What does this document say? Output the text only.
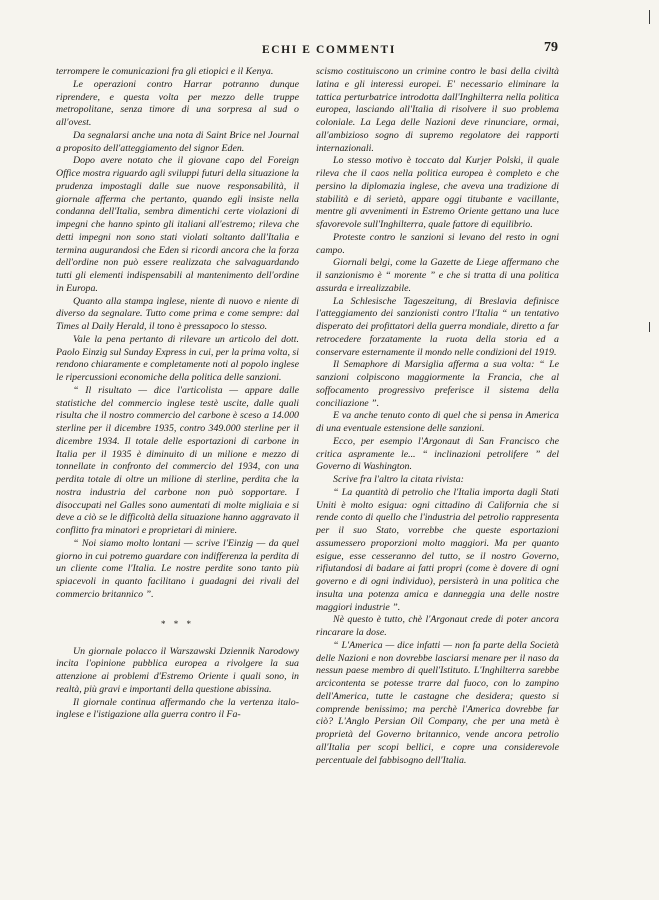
ECHI E COMMENTI	79

terrompere le comunicazioni fra gli etiopici e il Kenya.

Le operazioni contro Harrar potranno dunque riprendere, e questa volta per mezzo delle truppe metropolitane, senza timore di una sorpresa al sud o all'ovest.

Da segnalarsi anche una nota di Saint Brice nel Journal a proposito dell'atteggiamento del signor Eden.

Dopo avere notato che il giovane capo del Foreign Office mostra riguardo agli sviluppi futuri della situazione la prudenza impostagli dalle sue nuove responsabilità, il giornale afferma che pertanto, quando egli insiste nella condanna dell'Italia, sembra dimentichi certe violazioni di impegni che hanno spinto gli italiani all'estremo; rileva che detti impegni non sono stati violati soltanto dall'Italia e termina augurandosi che Eden si ricordi ancora che la forza dell'ordine non può essere realizzata che salvaguardando tutti gli elementi indispensabili al mantenimento dell'ordine in Europa.

Quanto alla stampa inglese, niente di nuovo e niente di diverso da segnalare. Tutto come prima e come sempre: dal Times al Daily Herald, il tono è pressapoco lo stesso.

Vale la pena pertanto di rilevare un articolo del dott. Paolo Einzig sul Sunday Express in cui, per la prima volta, si rendono chiaramente e completamente noti al popolo inglese le ripercussioni economiche della politica delle sanzioni.

“ Il risultato — dice l'articolista — appare dalle statistiche del commercio inglese testè uscite, dalle quali risulta che il nostro commercio del carbone è sceso a 14.000 sterline per il dicembre 1935, contro 349.000 sterline per il dicembre 1934. Il totale delle esportazioni di carbone in Italia per il 1935 è diminuito di un milione e mezzo di tonnellate in confronto del commercio del 1934, con una perdita totale di oltre un milione di sterline, perdita che la nostra industria del carbone non può sopportare. I disoccupati nel Galles sono aumentati di molte migliaia e si deve a ciò se le difficoltà della situazione hanno aggravato il conflitto fra minatori e proprietari di miniere.

“ Noi siamo molto lontani — scrive l'Einzig — da quel giorno in cui potremo guardare con indifferenza la perdita di un cliente come l'Italia. Le nostre perdite sono tanto più spiacevoli in quanto facilitano i guadagni dei rivali del commercio britannico ”.

* * *

Un giornale polacco il Warszawski Dziennik Narodowy incita l'opinione pubblica europea a rivolgere la sua attenzione ai problemi d'Estremo Oriente i quali sono, in realtà, più gravi e importanti della questione abissina.

Il giornale continua affermando che la vertenza italo-inglese e l'istigazione alla guerra contro il Fa-

scismo costituiscono un crimine contro le basi della civiltà latina e gli interessi europei. E' necessario eliminare la tattica perturbatrice introdotta dall'Inghilterra nella politica europea, lasciando all'Italia di risolvere il suo problema coloniale. La Lega delle Nazioni deve rinunciare, ormai, all'ambizioso sogno di supremo regolatore dei rapporti internazionali.

Lo stesso motivo è toccato dal Kurjer Polski, il quale rileva che il caos nella politica europea è completo e che persino la diplomazia inglese, che aveva una tradizione di stabilità e di serietà, appare oggi titubante e vacillante, mentre gli avvenimenti in Estremo Oriente gettano una luce sfavorevole sull'Inghilterra, quale fattore di equilibrio.

Proteste contro le sanzioni si levano del resto in ogni campo.

Giornali belgi, come la Gazette de Liege affermano che il sanzionismo è “ morente ” e che si tratta di una politica assurda e irrealizzabile.

La Schlesische Tageszeitung, di Breslavia definisce l'atteggiamento dei sanzionisti contro l'Italia “ un tentativo disperato dei profittatori della guerra mondiale, diretto a far retrocedere forzatamente la ruota della storia ed a conservare esternamente il mondo nelle condizioni del 1919.

Il Semaphore di Marsiglia afferma a sua volta: “ Le sanzioni colpiscono maggiormente la Francia, che al soffocamento progressivo preferisce il sistema della conciliazione ”.

E va anche tenuto conto di quel che si pensa in America di una eventuale estensione delle sanzioni.

Ecco, per esempio l'Argonaut di San Francisco che critica aspramente le... “ inclinazioni petrolifere ” del Governo di Washington.

Scrive fra l'altro la citata rivista:

“ La quantità di petrolio che l'Italia importa dagli Stati Uniti è molto esigua: ogni cittadino di California che si rende conto di quello che l'industria del petrolio rappresenta per il suo Stato, vorrebbe che queste esportazioni assumessero proporzioni molto maggiori. Ma per quanto esigue, esse cesseranno del tutto, se il nostro Governo, rifiutandosi di badare ai fatti propri (come è dovere di ogni governo e di ogni individuo), persisterà in una politica che insulta una potenza amica e danneggia una delle nostre maggiori industrie ”.

Nè questo è tutto, chè l'Argonaut crede di poter ancora rincarare la dose.

“ L'America — dice infatti — non fa parte della Società delle Nazioni e non dovrebbe lasciarsi menare per il naso da nessun paese membro di quell'Istituto. L'Inghilterra sarebbe arcicontenta se potesse trarre dal fuoco, con lo zampino dell'America, tutte le castagne che desidera; questo si comprende benissimo; ma perchè l'America dovrebbe far ciò? L'Anglo Persian Oil Company, che per una metà è proprietà del Governo britannico, vende ancora petrolio all'Italia per scopi bellici, e copre una considerevole percentuale del fabbisogno dell'Italia.
